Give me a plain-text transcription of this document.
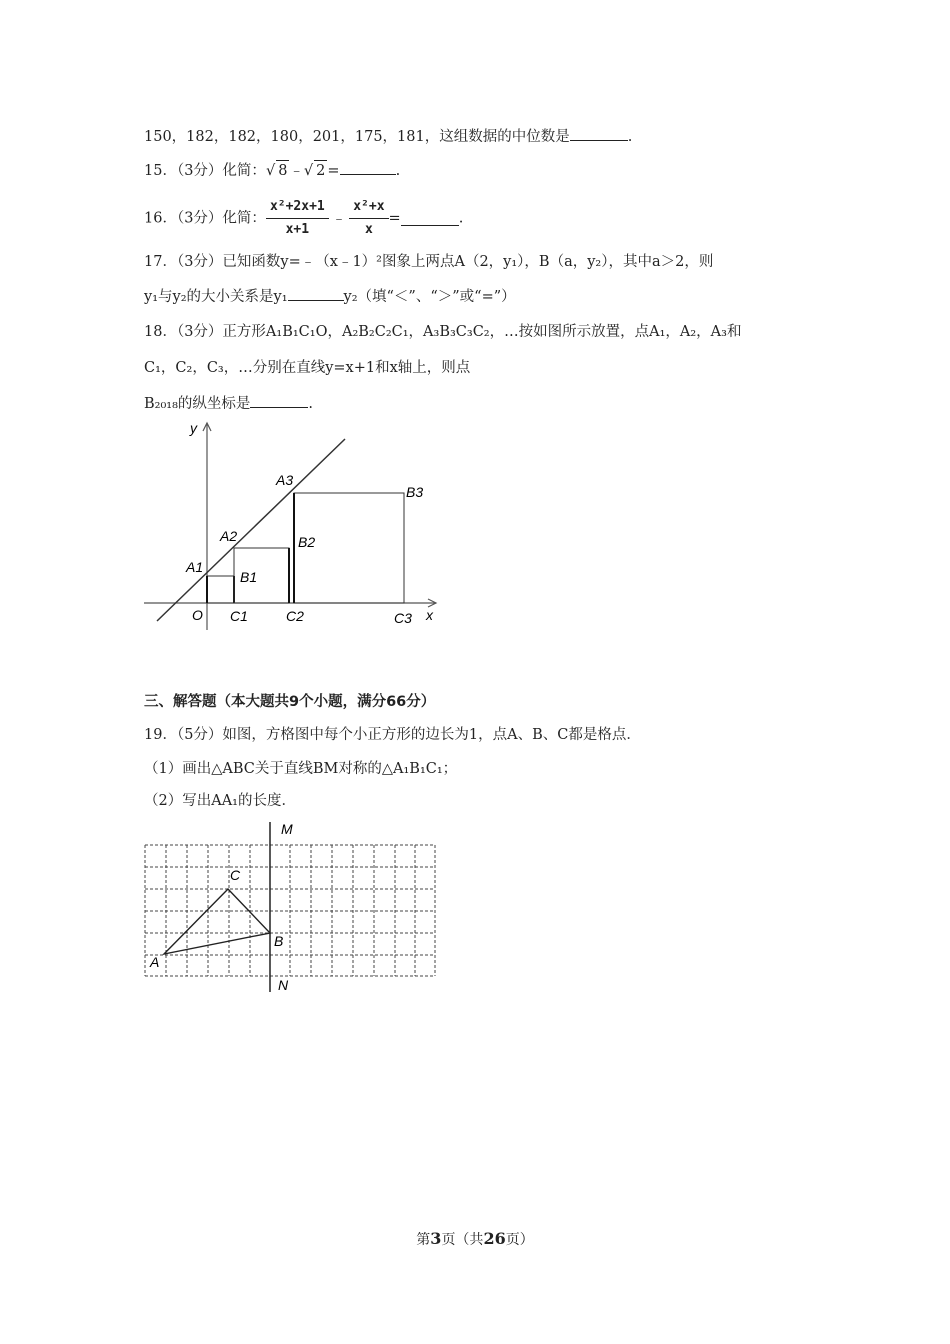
150，182，182，180，201，175，181，这组数据的中位数是	.
15．（3分）化简：√ 8 ﹣√ 2 =	.
16．（3分）化简： $\frac{\text{x²+2x+1}}{x+1}$ ﹣ $\frac{\text{x²+x}}{x}$ =	.
17．（3分）已知函数y=﹣（x﹣1）²图象上两点A（2，y₁），B（a，y₂），其中a＞2，则
y₁与y₂的大小关系是y₁	y₂（填“＜”、“＞”或“=”）
18．（3分）正方形A₁B₁C₁O，A₂B₂C₂C₁，A₃B₃C₃C₂，…按如图所示放置，点A₁，A₂，A₃和
C₁，C₂，C₃，…分别在直线y=x+1和x轴上，则点
B₂₀₁₈的纵坐标是	.
y
x
O
A1
A2
A3
B1
B2
B3
C1	C2	C3
三、解答题（本大题共9个小题，满分66分）
19．（5分）如图，方格图中每个小正方形的边长为1，点A、B、C都是格点．
（1）画出△ABC关于直线BM对称的△A₁B₁C₁；
（2）写出AA₁的长度．
M
N
A
B
C
第3页（共26页）
